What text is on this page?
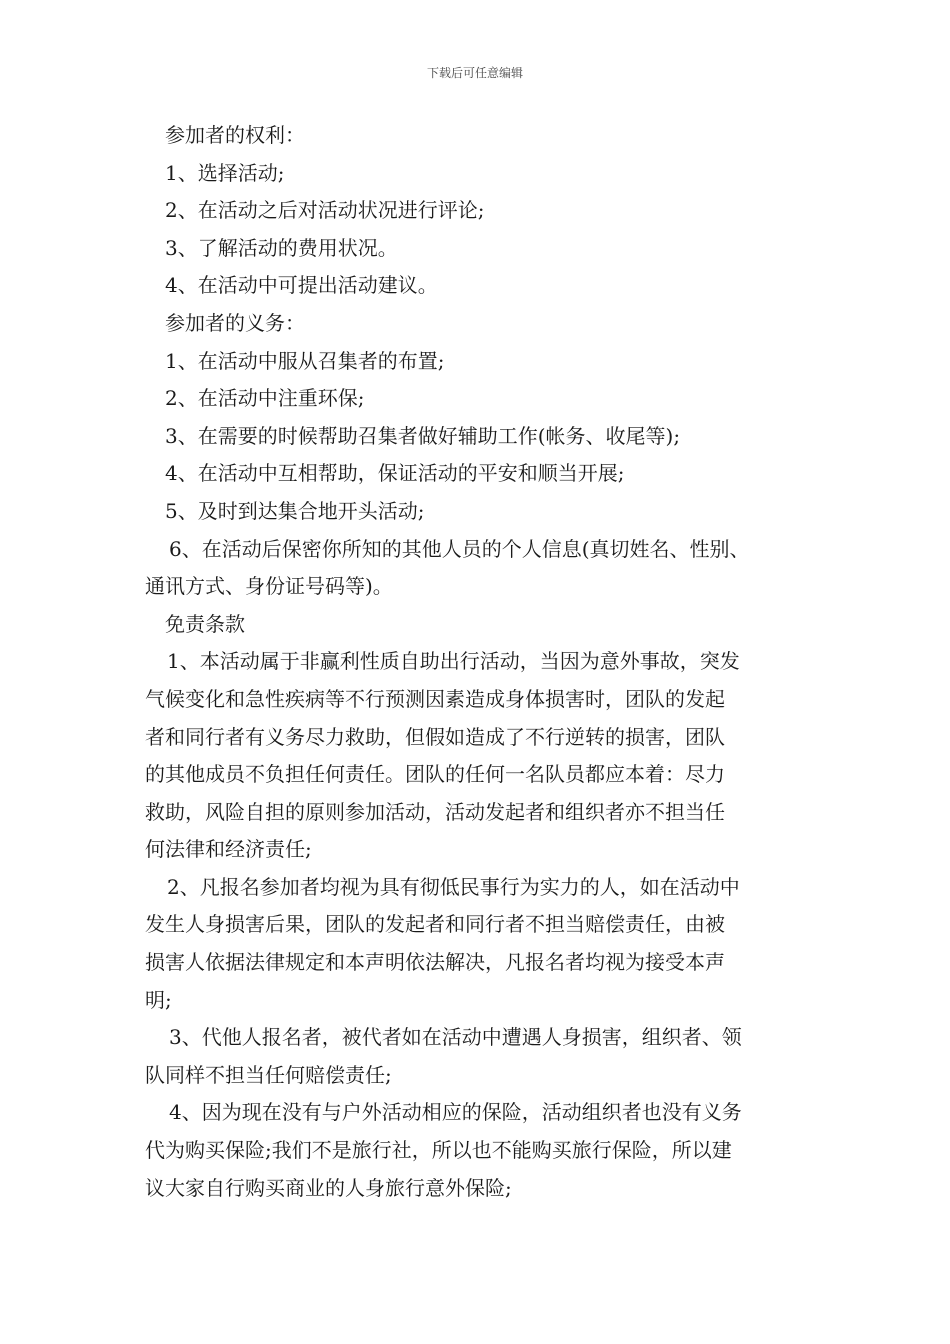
下载后可任意编辑
参加者的权利：
1、选择活动;
2、在活动之后对活动状况进行评论;
3、了解活动的费用状况。
4、在活动中可提出活动建议。
参加者的义务：
1、在活动中服从召集者的布置;
2、在活动中注重环保;
3、在需要的时候帮助召集者做好辅助工作(帐务、收尾等);
4、在活动中互相帮助，保证活动的平安和顺当开展;
5、及时到达集合地开头活动;
6、在活动后保密你所知的其他人员的个人信息(真切姓名、性别、
通讯方式、身份证号码等)。
免责条款
1、本活动属于非赢利性质自助出行活动，当因为意外事故，突发
气候变化和急性疾病等不行预测因素造成身体损害时，团队的发起
者和同行者有义务尽力救助，但假如造成了不行逆转的损害，团队
的其他成员不负担任何责任。团队的任何一名队员都应本着：尽力
救助，风险自担的原则参加活动，活动发起者和组织者亦不担当任
何法律和经济责任;
2、凡报名参加者均视为具有彻低民事行为实力的人，如在活动中
发生人身损害后果，团队的发起者和同行者不担当赔偿责任，由被
损害人依据法律规定和本声明依法解决，凡报名者均视为接受本声
明;
3、代他人报名者，被代者如在活动中遭遇人身损害，组织者、领
队同样不担当任何赔偿责任;
4、因为现在没有与户外活动相应的保险，活动组织者也没有义务
代为购买保险;我们不是旅行社，所以也不能购买旅行保险，所以建
议大家自行购买商业的人身旅行意外保险;
